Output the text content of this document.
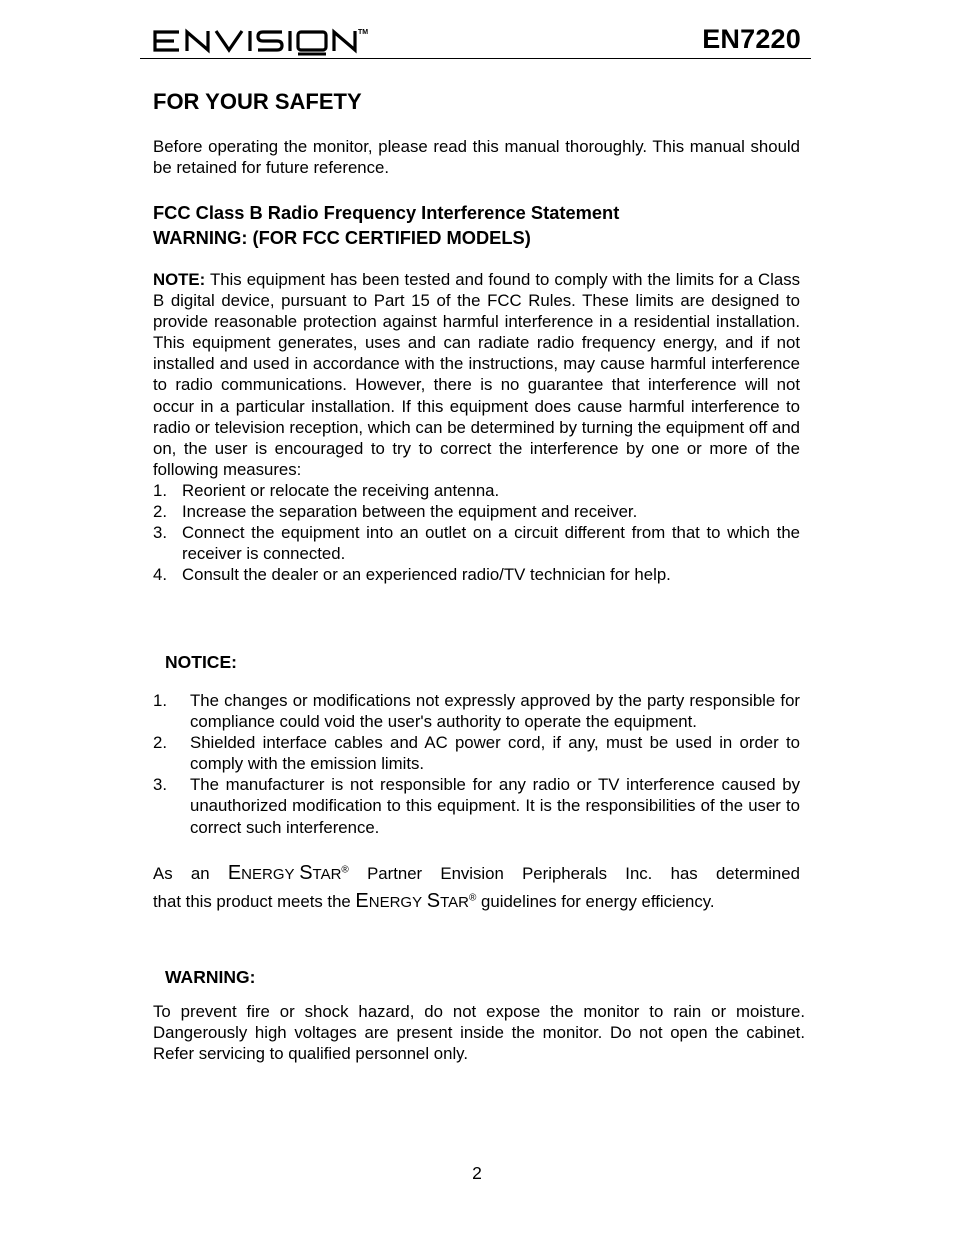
TM	EN7220
FOR YOUR SAFETY
Before operating the monitor, please read this manual thoroughly. This manual should be retained for future reference.
FCC Class B Radio Frequency Interference Statement
WARNING: (FOR FCC CERTIFIED MODELS)
NOTE: This equipment has been tested and found to comply with the limits for a Class B digital device, pursuant to Part 15 of the FCC Rules. These limits are designed to provide reasonable protection against harmful interference in a residential installation. This equipment generates, uses and can radiate radio frequency energy, and if not installed and used in accordance with the instructions, may cause harmful interference to radio communications. However, there is no guarantee that interference will not occur in a particular installation. If this equipment does cause harmful interference to radio or television reception, which can be determined by turning the equipment off and on, the user is encouraged to try to correct the interference by one or more of the following measures:
1. Reorient or relocate the receiving antenna.
2. Increase the separation between the equipment and receiver.
3. Connect the equipment into an outlet on a circuit different from that to which the receiver is connected.
4. Consult the dealer or an experienced radio/TV technician for help.
NOTICE:
1. The changes or modifications not expressly approved by the party responsible for compliance could void the user's authority to operate the equipment.
2. Shielded interface cables and AC power cord, if any, must be used in order to comply with the emission limits.
3. The manufacturer is not responsible for any radio or TV interference caused by unauthorized modification to this equipment. It is the responsibilities of the user to correct such interference.
As an ENERGY STAR® Partner Envision Peripherals Inc. has determined
that this product meets the ENERGY STAR® guidelines for energy efficiency.
WARNING:
To prevent fire or shock hazard, do not expose the monitor to rain or moisture. Dangerously high voltages are present inside the monitor. Do not open the cabinet. Refer servicing to qualified personnel only.
2
